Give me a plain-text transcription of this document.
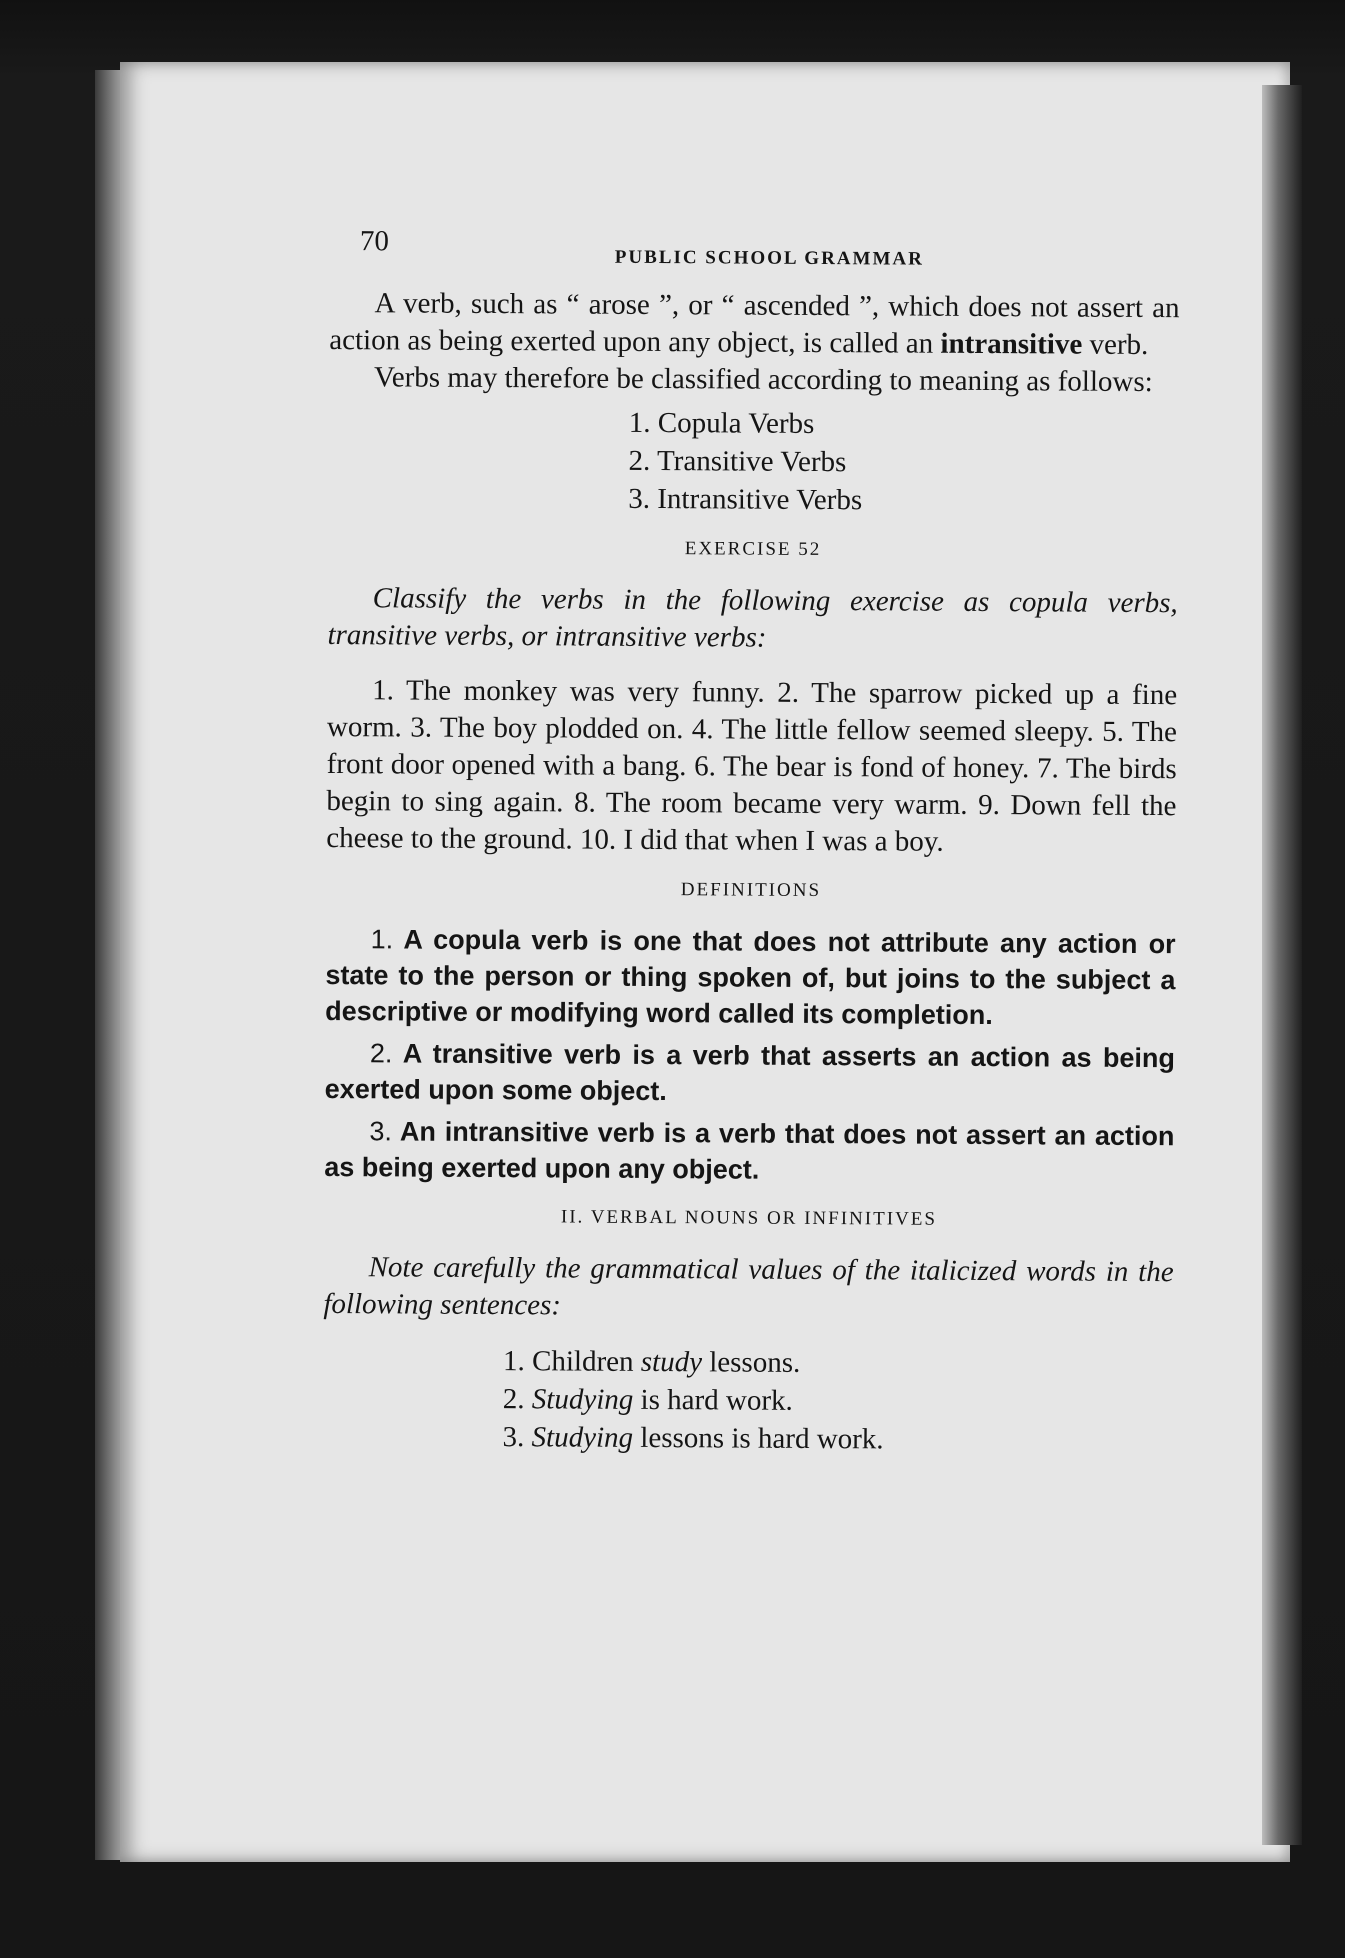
70
PUBLIC SCHOOL GRAMMAR

A verb, such as “ arose ”, or “ ascended ”, which does not assert an action as being exerted upon any object, is called an intransitive verb.

Verbs may therefore be classified according to meaning as follows:

1. Copula Verbs
2. Transitive Verbs
3. Intransitive Verbs
EXERCISE 52

Classify the verbs in the following exercise as copula verbs, transitive verbs, or intransitive verbs:

1. The monkey was very funny. 2. The sparrow picked up a fine worm. 3. The boy plodded on. 4. The little fellow seemed sleepy. 5. The front door opened with a bang. 6. The bear is fond of honey. 7. The birds begin to sing again. 8. The room became very warm. 9. Down fell the cheese to the ground. 10. I did that when I was a boy.

DEFINITIONS

1. A copula verb is one that does not attribute any action or state to the person or thing spoken of, but joins to the subject a descriptive or modifying word called its completion.

2. A transitive verb is a verb that asserts an action as being exerted upon some object.

3. An intransitive verb is a verb that does not assert an action as being exerted upon any object.

II. VERBAL NOUNS OR INFINITIVES

Note carefully the grammatical values of the italicized words in the following sentences:

1. Children study lessons.
2. Studying is hard work.
3. Studying lessons is hard work.
